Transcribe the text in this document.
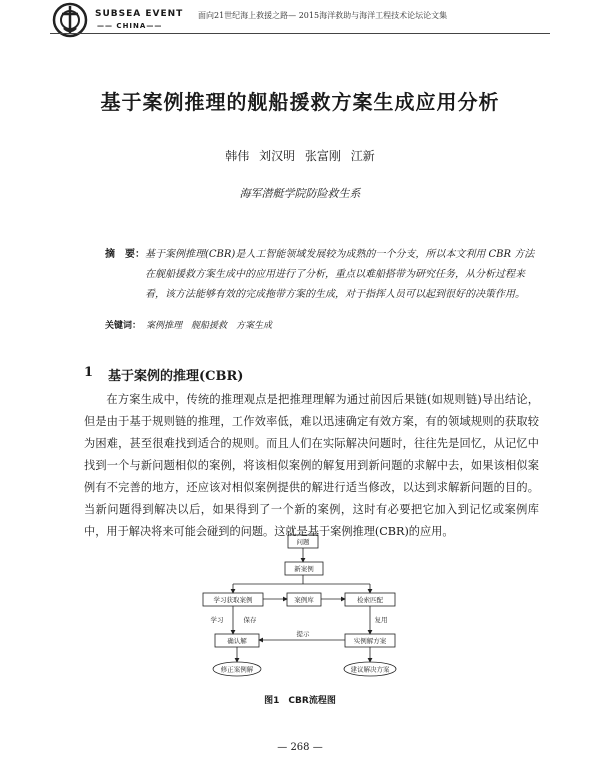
SUBSEA EVENT
—— CHINA——
面向21世纪海上救援之路— 2015海洋救助与海洋工程技术论坛论文集
基于案例推理的舰船援救方案生成应用分析
韩伟 刘汉明 张富刚 江新
海军潜艇学院防险救生系
摘　要： 基于案例推理(CBR)是人工智能领域发展较为成熟的一个分支，所以本文利用 CBR 方法在舰船援救方案生成中的应用进行了分析，重点以难船搭带为研究任务，从分析过程来看，该方法能够有效的完成拖带方案的生成，对于指挥人员可以起到很好的决策作用。
关键词： 案例推理　舰船援救　方案生成
1 基于案例的推理(CBR)
在方案生成中，传统的推理观点是把推理理解为通过前因后果链(如规则链)导出结论，但是由于基于规则链的推理，工作效率低，难以迅速确定有效方案，有的领域规则的获取较为困难，甚至很难找到适合的规则。而且人们在实际解决问题时，往往先是回忆，从记忆中找到一个与新问题相似的案例，将该相似案例的解复用到新问题的求解中去，如果该相似案例有不完善的地方，还应该对相似案例提供的解进行适当修改，以达到求解新问题的目的。当新问题得到解决以后，如果得到了一个新的案例，这时有必要把它加入到记忆或案例库中，用于解决将来可能会碰到的问题。这就是基于案例推理(CBR)的应用。
问题
新案例
学习获取案例	案例库	检索匹配
学习	保存	复用
确认解
提示
实例解方案
修正案例解	建议解决方案
图1　CBR流程图
— 268 —
